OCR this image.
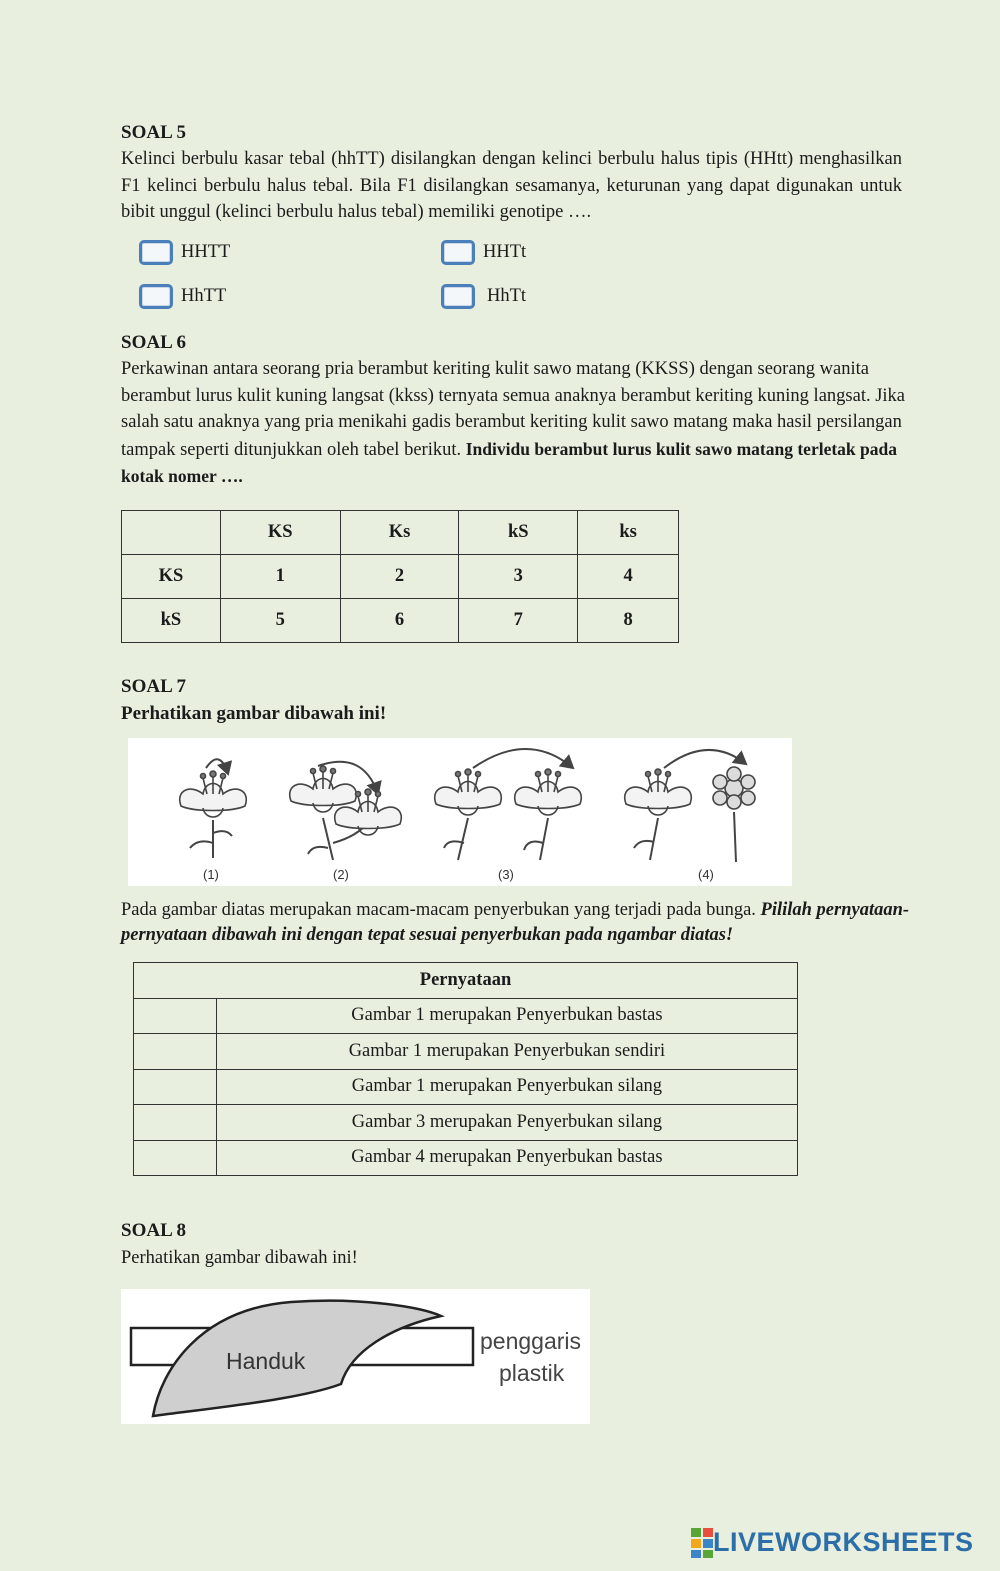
SOAL 5
Kelinci berbulu kasar tebal (hhTT) disilangkan dengan kelinci berbulu halus tipis (HHtt) menghasilkan F1 kelinci berbulu halus tebal. Bila F1 disilangkan sesamanya, keturunan yang dapat digunakan untuk bibit unggul (kelinci berbulu halus tebal) memiliki genotipe ….
HHTT	HHTt
HhTT	HhTt
SOAL 6
Perkawinan antara seorang pria berambut keriting kulit sawo matang (KKSS) dengan seorang wanita berambut lurus kulit kuning langsat (kkss) ternyata semua anaknya berambut keriting kuning langsat. Jika salah satu anaknya yang pria menikahi gadis berambut keriting kulit sawo matang maka hasil persilangan tampak seperti ditunjukkan oleh tabel berikut. Individu berambut lurus kulit sawo matang terletak pada kotak nomer ….
	KS	Ks	kS	ks
KS	1	2	3	4
kS	5	6	7	8
SOAL 7
Perhatikan gambar dibawah ini!
(1)	(2)	(3)	(4)
Pada gambar diatas merupakan macam-macam penyerbukan yang terjadi pada bunga. Pililah pernyataan-pernyataan dibawah ini dengan tepat sesuai penyerbukan pada ngambar diatas!
Pernyataan	
	Gambar 1 merupakan Penyerbukan bastas
	Gambar 1 merupakan Penyerbukan sendiri
	Gambar 1 merupakan Penyerbukan silang
	Gambar 3 merupakan Penyerbukan silang
	Gambar 4 merupakan Penyerbukan bastas
SOAL 8
Perhatikan gambar dibawah ini!
Handuk
penggaris
plastik
LIVEWORKSHEETS
